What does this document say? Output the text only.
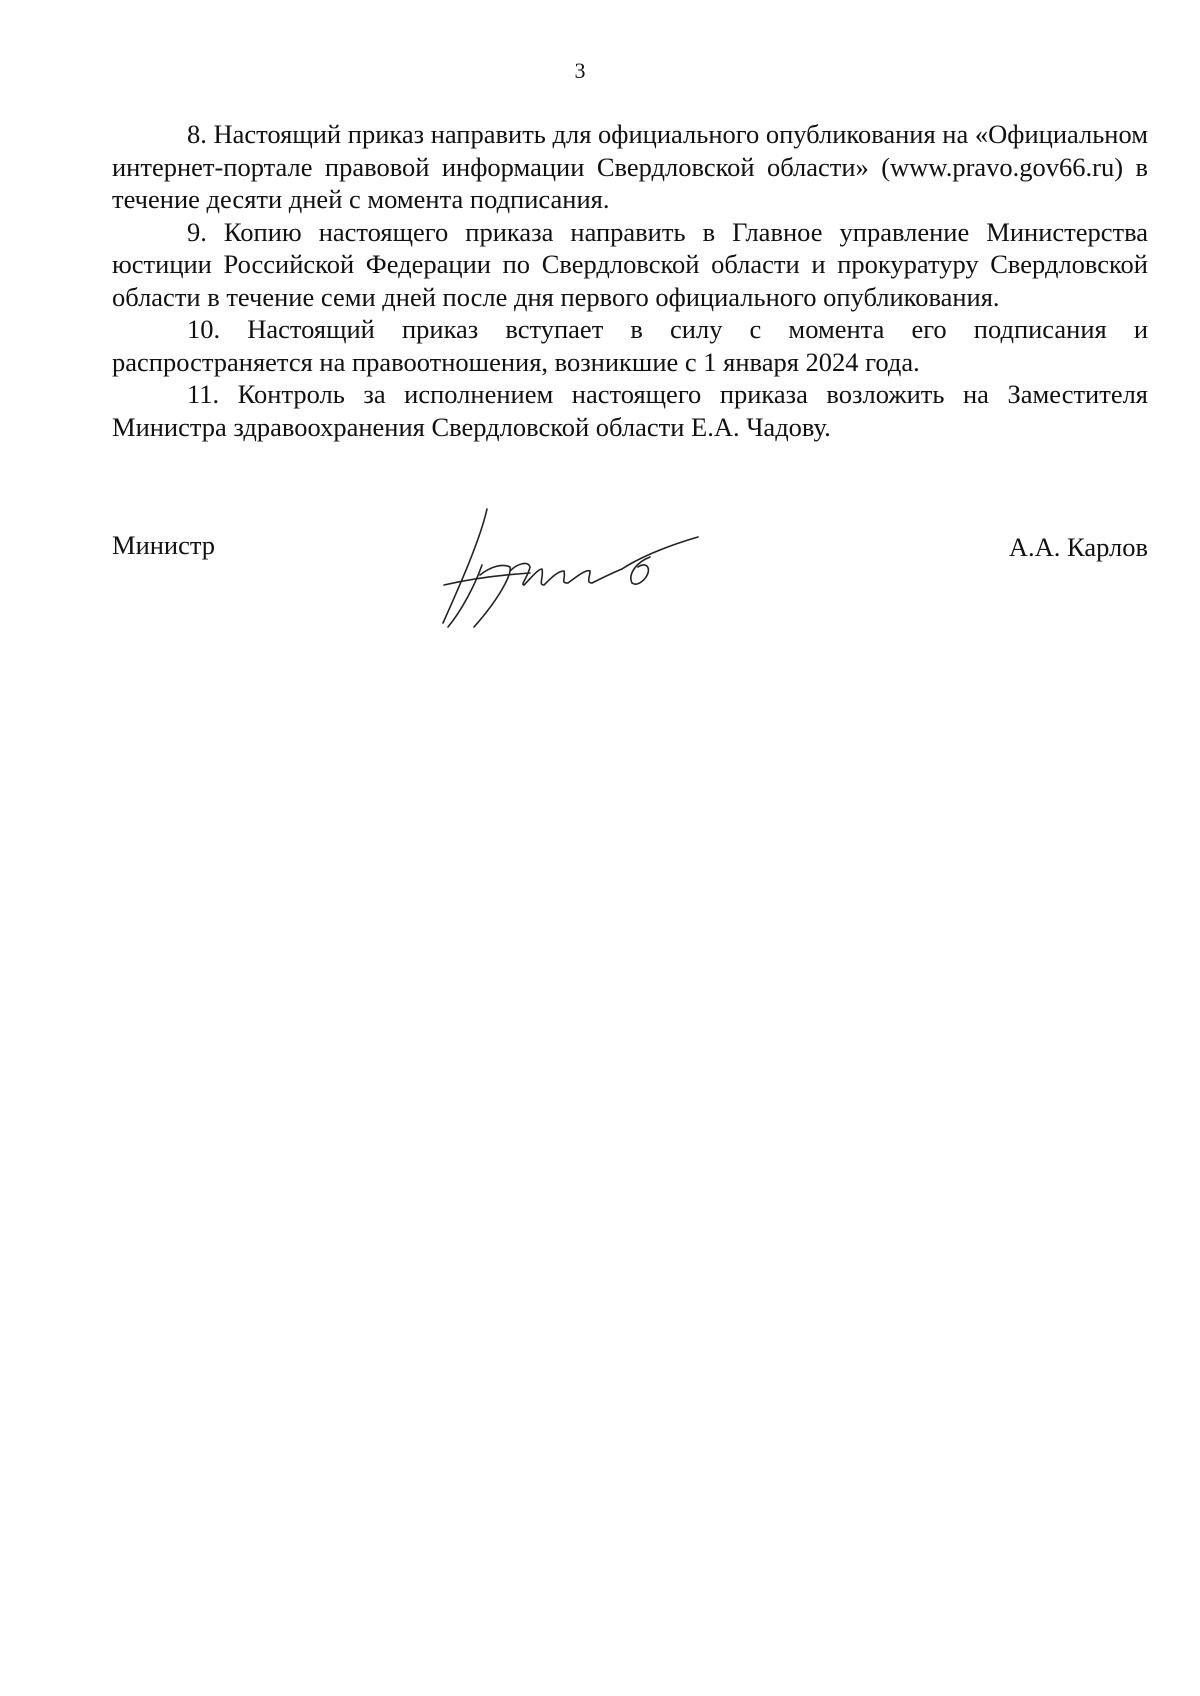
3

8. Настоящий приказ направить для официального опубликования на «Официальном интернет-портале правовой информации Свердловской области» (www.pravo.gov66.ru) в течение десяти дней с момента подписания.

9. Копию настоящего приказа направить в Главное управление Министерства юстиции Российской Федерации по Свердловской области и прокуратуру Свердловской области в течение семи дней после дня первого официального опубликования.

10. Настоящий приказ вступает в силу с момента его подписания и распространяется на правоотношения, возникшие с 1 января 2024 года.

11. Контроль за исполнением настоящего приказа возложить на Заместителя Министра здравоохранения Свердловской области Е.А. Чадову.

Министр	А.А. Карлов
